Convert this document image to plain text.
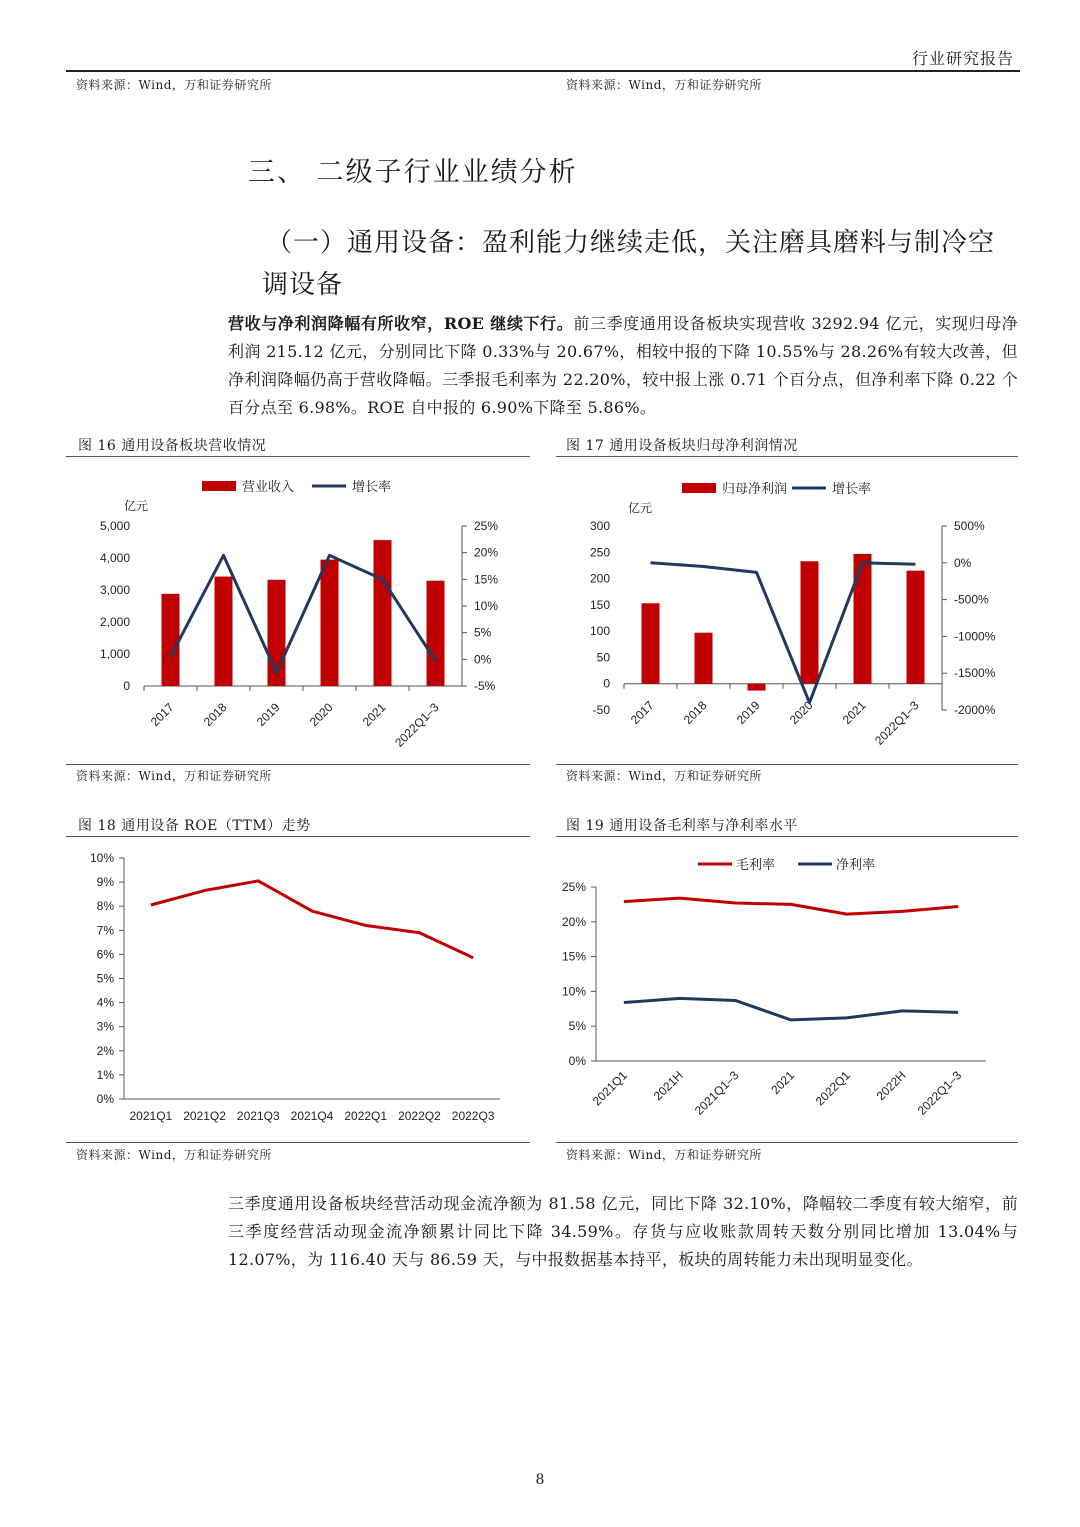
行业研究报告
资料来源：Wind，万和证券研究所	资料来源：Wind，万和证券研究所
三、 二级子行业业绩分析
（一）通用设备：盈利能力继续走低，关注磨具磨料与制冷空
调设备
营收与净利润降幅有所收窄，ROE 继续下行。前三季度通用设备板块实现营收 3292.94 亿元，实现归母净利润 215.12 亿元，分别同比下降 0.33%与 20.67%，相较中报的下降 10.55%与 28.26%有较大改善，但净利润降幅仍高于营收降幅。三季报毛利率为 22.20%，较中报上涨 0.71 个百分点，但净利率下降 0.22 个百分点至 6.98%。ROE 自中报的 6.90%下降至 5.86%。
图 16 通用设备板块营收情况	图 17 通用设备板块归母净利润情况
营业收入	增长率
亿元
5,000
4,000
3,000
2,000
1,000
0
25%
20%
15%
10%
5%
0%
-5%
2017 2018 2019 2020 2021 2022Q1–3
归母净利润	增长率
亿元
300
250
200
150
100
50
0
-50
500%
0%
-500%
-1000%
-1500%
-2000%
2017 2018 2019 2020 2021 2022Q1–3
资料来源：Wind，万和证券研究所	资料来源：Wind，万和证券研究所
图 18 通用设备 ROE（TTM）走势	图 19 通用设备毛利率与净利率水平
10%
9%
8%
7%
6%
5%
4%
3%
2%
1%
0%
2021Q1 2021Q2 2021Q3 2021Q4 2022Q1 2022Q2 2022Q3
25%
20%
15%
10%
5%
0%
2021Q1 2021H 2021Q1–3 2021 2022Q1 2022H 2022Q1–3
毛利率	净利率
资料来源：Wind，万和证券研究所	资料来源：Wind，万和证券研究所
三季度通用设备板块经营活动现金流净额为 81.58 亿元，同比下降 32.10%，降幅较二季度有较大缩窄，前三季度经营活动现金流净额累计同比下降 34.59%。存货与应收账款周转天数分别同比增加 13.04%与 12.07%，为 116.40 天与 86.59 天，与中报数据基本持平，板块的周转能力未出现明显变化。
8
